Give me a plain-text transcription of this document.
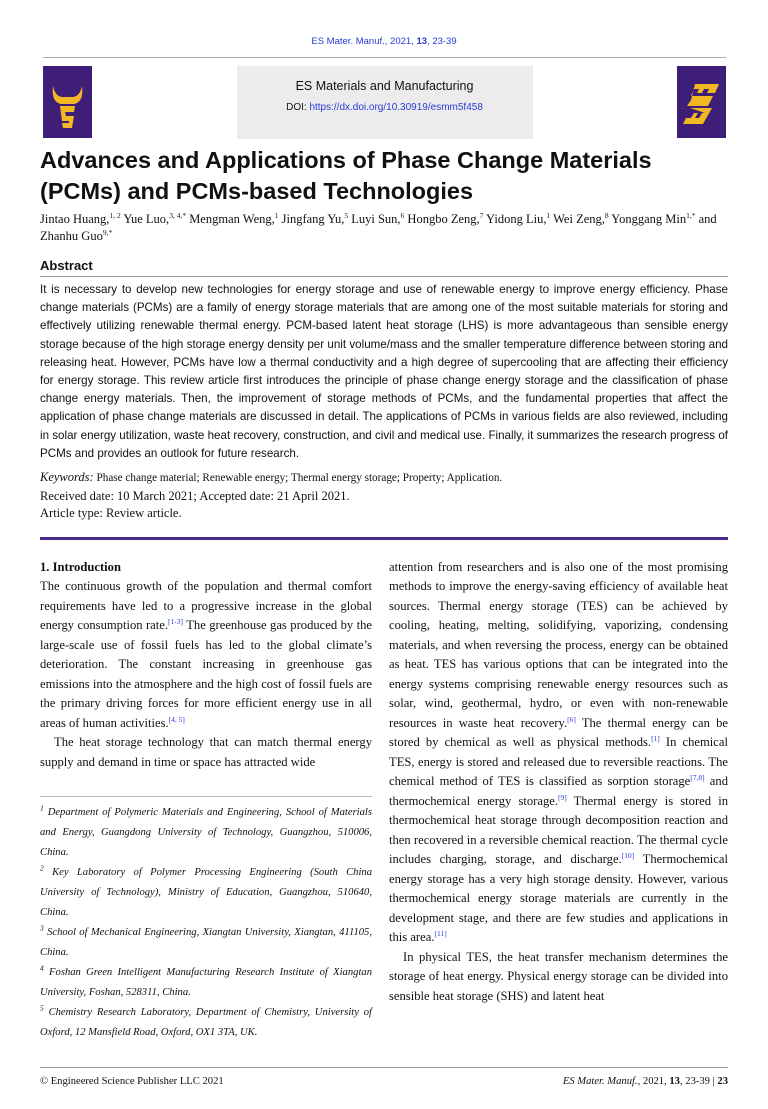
ES Mater. Manuf., 2021, 13, 23-39
ES Materials and Manufacturing
DOI: https://dx.doi.org/10.30919/esmm5f458
Advances and Applications of Phase Change Materials (PCMs) and PCMs-based Technologies
Jintao Huang,$^{1, 2}$ Yue Luo,$^{3, 4,*}$ Mengman Weng,$^1$ Jingfang Yu,$^5$ Luyi Sun,$^6$ Hongbo Zeng,$^7$ Yidong Liu,$^1$ Wei Zeng,$^8$ Yonggang Min$^{1,*}$ and Zhanhu Guo$^{9,*}$
Abstract
It is necessary to develop new technologies for energy storage and use of renewable energy to improve energy efficiency. Phase change materials (PCMs) are a family of energy storage materials that are among one of the most suitable materials for storing and effectively utilizing renewable thermal energy. PCM-based latent heat storage (LHS) is more advantageous than sensible energy storage because of the high storage energy density per unit volume/mass and the smaller temperature difference between storing and releasing heat. However, PCMs have low a thermal conductivity and a high degree of supercooling that are affecting their efficiency for energy storage. This review article first introduces the principle of phase change energy storage and the classification of phase change energy materials. Then, the improvement of storage methods of PCMs, and the fundamental properties that affect the application of phase change materials are discussed in detail. The applications of PCMs in various fields are also reviewed, including in solar energy utilization, waste heat recovery, construction, and civil and medical use. Finally, it summarizes the research progress of PCMs and provides an outlook for future research.
Keywords: Phase change material; Renewable energy; Thermal energy storage; Property; Application.
Received date: 10 March 2021; Accepted date: 21 April 2021.
Article type: Review article.

1. Introduction

The continuous growth of the population and thermal comfort requirements have led to a progressive increase in the global energy consumption rate.[1-3] The greenhouse gas produced by the large-scale use of fossil fuels has led to the global climate’s deterioration. The constant increasing in greenhouse gas emissions into the atmosphere and the high cost of fossil fuels are the primary driving forces for more efficient energy use in all areas of human activities.[4, 5]

The heat storage technology that can match thermal energy supply and demand in time or space has attracted wide

$^1$ Department of Polymeric Materials and Engineering, School of Materials and Energy, Guangdong University of Technology, Guangzhou, 510006, China.

$^2$ Key Laboratory of Polymer Processing Engineering (South China University of Technology), Ministry of Education, Guangzhou, 510640, China.

$^3$ School of Mechanical Engineering, Xiangtan University, Xiangtan, 411105, China.

$^4$ Foshan Green Intelligent Manufacturing Research Institute of Xiangtan University, Foshan, 528311, China.

$^5$ Chemistry Research Laboratory, Department of Chemistry, University of Oxford, 12 Mansfield Road, Oxford, OX1 3TA, UK.

attention from researchers and is also one of the most promising methods to improve the energy-saving efficiency of available heat sources. Thermal energy storage (TES) can be achieved by cooling, heating, melting, solidifying, vaporizing, condensing materials, and when reversing the process, energy can be obtained as heat. TES has various options that can be integrated into the energy systems comprising renewable energy resources such as solar, wind, geothermal, hydro, or even with non-renewable resources in waste heat recovery.[6] The thermal energy can be stored by chemical as well as physical methods.[1] In chemical TES, energy is stored and released due to reversible reactions. The chemical method of TES is classified as sorption storage[7,8] and thermochemical energy storage.[9] Thermal energy is stored in thermochemical heat storage through decomposition reaction and then recovered in a reversible chemical reaction. The thermal cycle includes charging, storage, and discharge.[10] Thermochemical energy storage has a very high storage density. However, various thermochemical energy storage materials are currently in the development stage, and there are few studies and applications in this area.[11]

In physical TES, the heat transfer mechanism determines the storage of heat energy. Physical energy storage can be divided into sensible heat storage (SHS) and latent heat

© Engineered Science Publisher LLC 2021	ES Mater. Manuf., 2021, 13, 23-39 | 23
